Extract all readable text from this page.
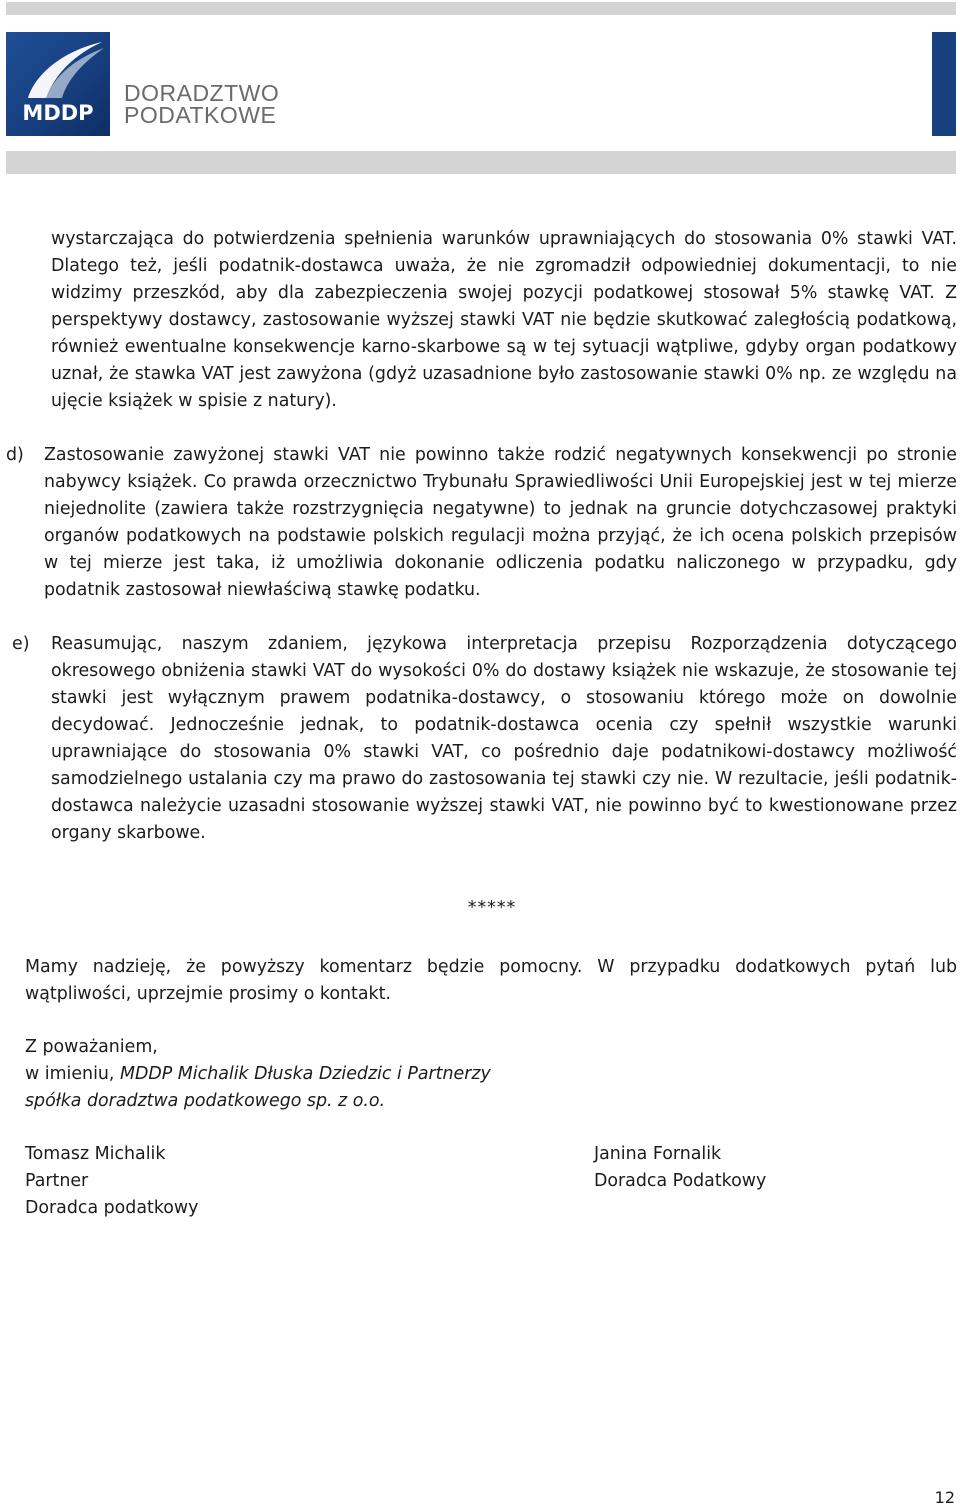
MDDP
DORADZTWO
PODATKOWE

wystarczająca do potwierdzenia spełnienia warunków uprawniających do stosowania 0% stawki VAT. Dlatego też, jeśli podatnik-dostawca uważa, że nie zgromadził odpowiedniej dokumentacji, to nie widzimy przeszkód, aby dla zabezpieczenia swojej pozycji podatkowej stosował 5% stawkę VAT. Z perspektywy dostawcy, zastosowanie wyższej stawki VAT nie będzie skutkować zaległością podatkową, również ewentualne konsekwencje karno-skarbowe są w tej sytuacji wątpliwe, gdyby organ podatkowy uznał, że stawka VAT jest zawyżona (gdyż uzasadnione było zastosowanie stawki 0% np. ze względu na ujęcie książek w spisie z natury).

d) Zastosowanie zawyżonej stawki VAT nie powinno także rodzić negatywnych konsekwencji po stronie nabywcy książek. Co prawda orzecznictwo Trybunału Sprawiedliwości Unii Europejskiej jest w tej mierze niejednolite (zawiera także rozstrzygnięcia negatywne) to jednak na gruncie dotychczasowej praktyki organów podatkowych na podstawie polskich regulacji można przyjąć, że ich ocena polskich przepisów w tej mierze jest taka, iż umożliwia dokonanie odliczenia podatku naliczonego w przypadku, gdy podatnik zastosował niewłaściwą stawkę podatku.

e) Reasumując, naszym zdaniem, językowa interpretacja przepisu Rozporządzenia dotyczącego okresowego obniżenia stawki VAT do wysokości 0% do dostawy książek nie wskazuje, że stosowanie tej stawki jest wyłącznym prawem podatnika-dostawcy, o stosowaniu którego może on dowolnie decydować. Jednocześnie jednak, to podatnik-dostawca ocenia czy spełnił wszystkie warunki uprawniające do stosowania 0% stawki VAT, co pośrednio daje podatnikowi-dostawcy możliwość samodzielnego ustalania czy ma prawo do zastosowania tej stawki czy nie. W rezultacie, jeśli podatnik-dostawca należycie uzasadni stosowanie wyższej stawki VAT, nie powinno być to kwestionowane przez organy skarbowe.

*****

Mamy nadzieję, że powyższy komentarz będzie pomocny. W przypadku dodatkowych pytań lub wątpliwości, uprzejmie prosimy o kontakt.

Z poważaniem,
w imieniu, MDDP Michalik Dłuska Dziedzic i Partnerzy
spółka doradztwa podatkowego sp. z o.o.
Tomasz Michalik
Partner
Doradca podatkowy
Janina Fornalik
Doradca Podatkowy
12
